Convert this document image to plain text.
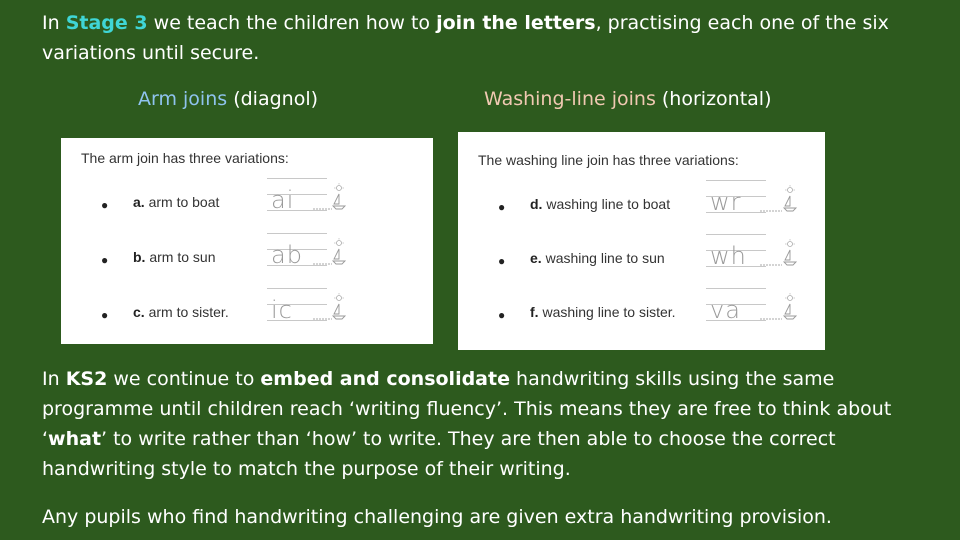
In Stage 3 we teach the children how to join the letters, practising each one of the six variations until secure.

Arm joins (diagnol)	Washing-line joins (horizontal)
The arm join has three variations:
● a. arm to boat ai
● b. arm to sun ab
● c. arm to sister. ic
The washing line join has three variations:
● d. washing line to boat wr
● e. washing line to sun wh
● f. washing line to sister. va

In KS2 we continue to embed and consolidate handwriting skills using the same programme until children reach ‘writing fluency’. This means they are free to think about ‘what’ to write rather than ‘how’ to write. They are then able to choose the correct handwriting style to match the purpose of their writing.

Any pupils who find handwriting challenging are given extra handwriting provision.
